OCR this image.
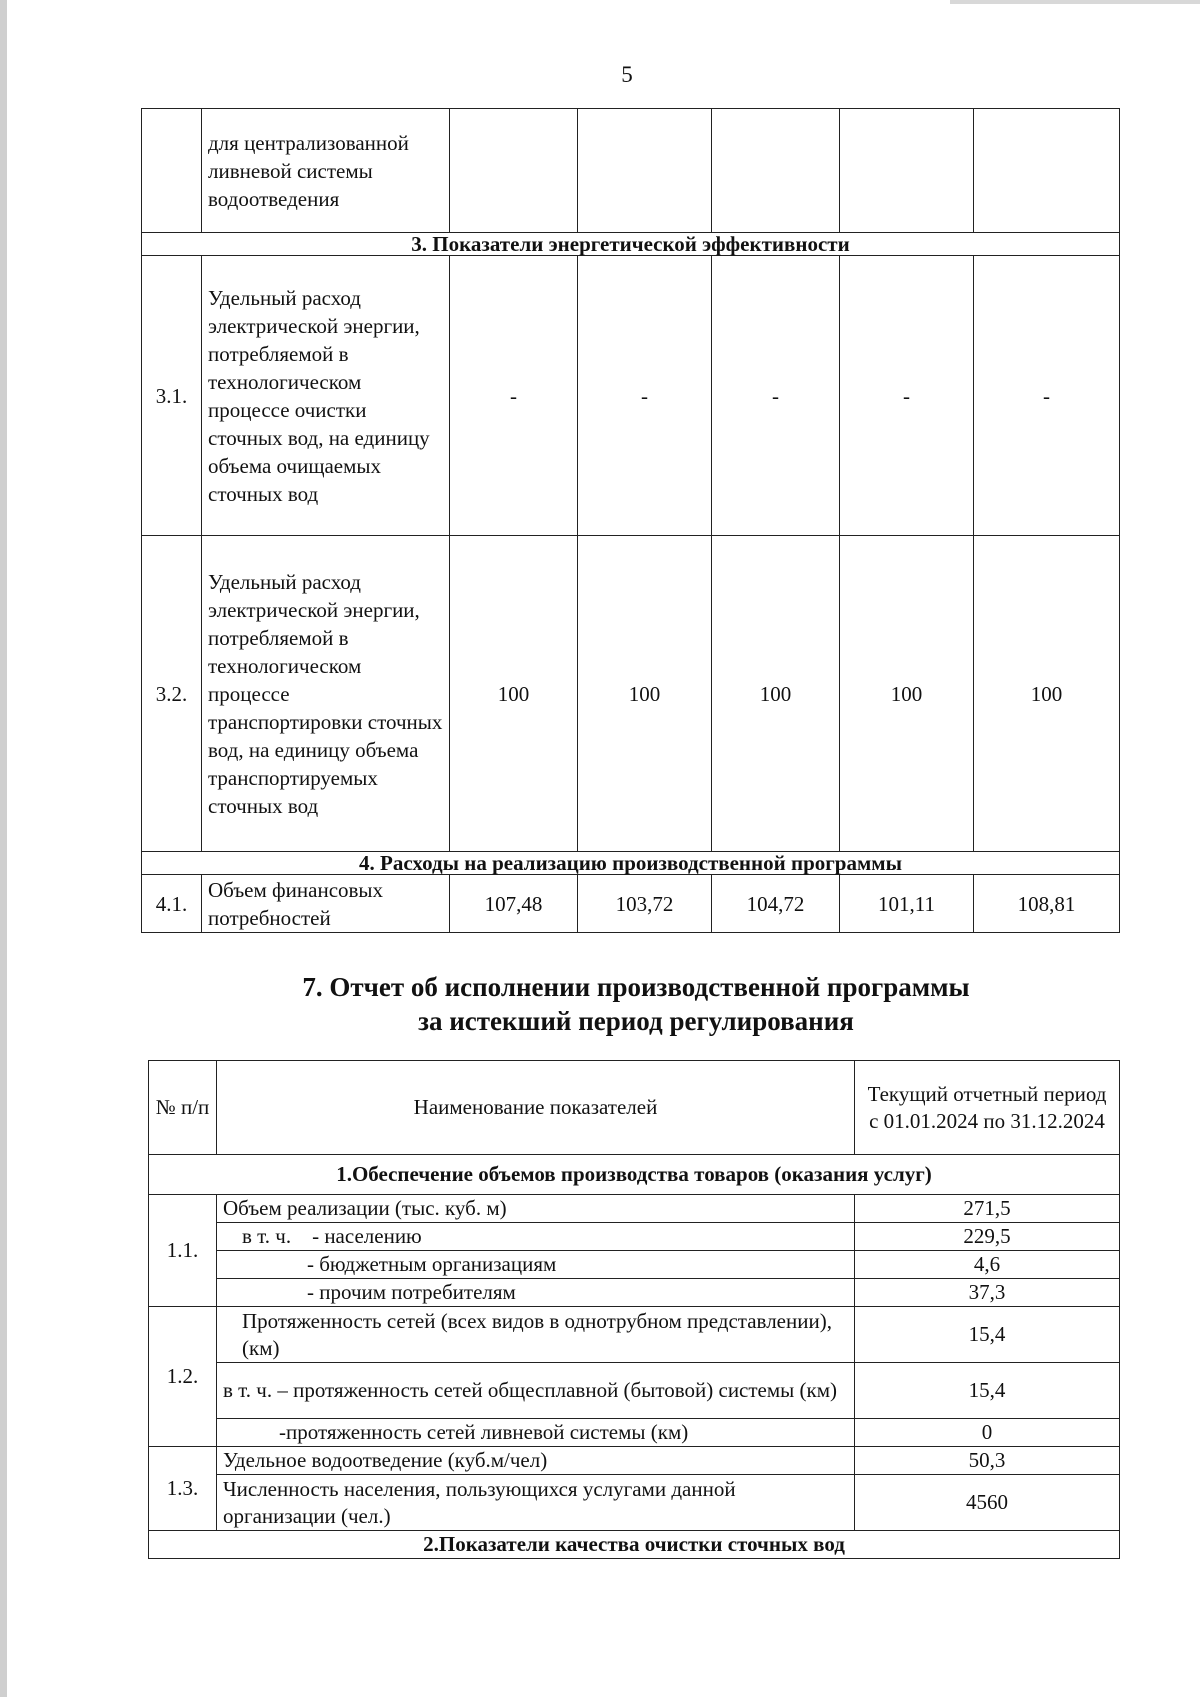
5
	для централизованной ливневой системы водоотведения					
3. Показатели энергетической эффективности						
3.1.	Удельный расход электрической энергии, потребляемой в технологическом процессе очистки сточных вод, на единицу объема очищаемых сточных вод	-	-	-	-	-
3.2.	Удельный расход электрической энергии, потребляемой в технологическом процессе транспортировки сточных вод, на единицу объема транспортируемых сточных вод	100	100	100	100	100
4. Расходы на реализацию производственной программы						
4.1.	Объем финансовых потребностей	107,48	103,72	104,72	101,11	108,81
7. Отчет об исполнении производственной программы
за истекший период регулирования
№ п/п	Наименование показателей	Текущий отчетный период с 01.01.2024 по 31.12.2024
1.Обеспечение объемов производства товаров (оказания услуг)		
1.1.	Объем реализации (тыс. куб. м)	271,5
	в т. ч.    - населению	229,5
	- бюджетным организациям	4,6
	- прочим потребителям	37,3
1.2.	Протяженность сетей (всех видов в однотрубном представлении), (км)	15,4
	в т. ч. – протяженность сетей общесплавной (бытовой) системы (км)	15,4
	-протяженность сетей ливневой системы (км)	0
1.3.	Удельное водоотведение (куб.м/чел)	50,3
	Численность населения, пользующихся услугами данной организации (чел.)	4560
2.Показатели качества очистки сточных вод		
